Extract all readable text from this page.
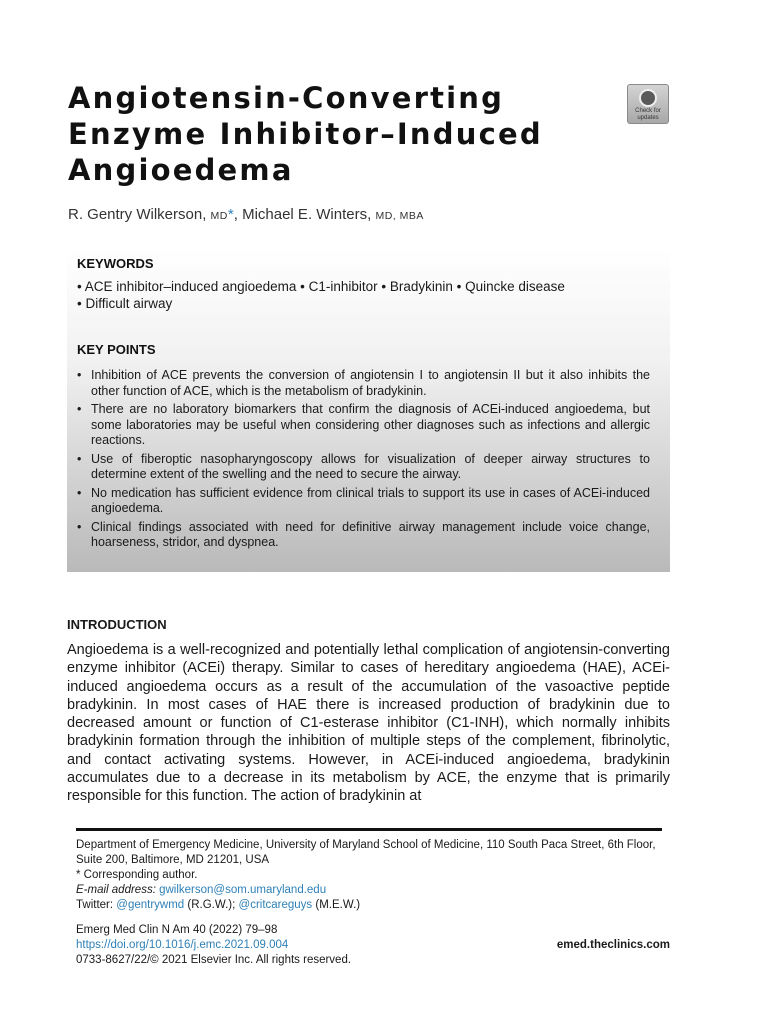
Angiotensin-Converting Enzyme Inhibitor–Induced Angioedema
Check for updates

R. Gentry Wilkerson, MD*, Michael E. Winters, MD, MBA

KEYWORDS

• ACE inhibitor–induced angioedema • C1-inhibitor • Bradykinin • Quincke disease

• Difficult airway

KEY POINTS

• Inhibition of ACE prevents the conversion of angiotensin I to angiotensin II but it also inhibits the other function of ACE, which is the metabolism of bradykinin.
• There are no laboratory biomarkers that confirm the diagnosis of ACEi-induced angioedema, but some laboratories may be useful when considering other diagnoses such as infections and allergic reactions.
• Use of fiberoptic nasopharyngoscopy allows for visualization of deeper airway structures to determine extent of the swelling and the need to secure the airway.
• No medication has sufficient evidence from clinical trials to support its use in cases of ACEi-induced angioedema.
• Clinical findings associated with need for definitive airway management include voice change, hoarseness, stridor, and dyspnea.

INTRODUCTION

Angioedema is a well-recognized and potentially lethal complication of angiotensin-converting enzyme inhibitor (ACEi) therapy. Similar to cases of hereditary angioedema (HAE), ACEi-induced angioedema occurs as a result of the accumulation of the vasoactive peptide bradykinin. In most cases of HAE there is increased production of bradykinin due to decreased amount or function of C1-esterase inhibitor (C1-INH), which normally inhibits bradykinin formation through the inhibition of multiple steps of the complement, fibrinolytic, and contact activating systems. However, in ACEi-induced angioedema, bradykinin accumulates due to a decrease in its metabolism by ACE, the enzyme that is primarily responsible for this function. The action of bradykinin at

Department of Emergency Medicine, University of Maryland School of Medicine, 110 South Paca Street, 6th Floor, Suite 200, Baltimore, MD 21201, USA

* Corresponding author.

E-mail address: gwilkerson@som.umaryland.edu

Twitter: @gentrywmd (R.G.W.); @critcareguys (M.E.W.)

Emerg Med Clin N Am 40 (2022) 79–98

https://doi.org/10.1016/j.emc.2021.09.004

0733-8627/22/© 2021 Elsevier Inc. All rights reserved.

emed.theclinics.com
